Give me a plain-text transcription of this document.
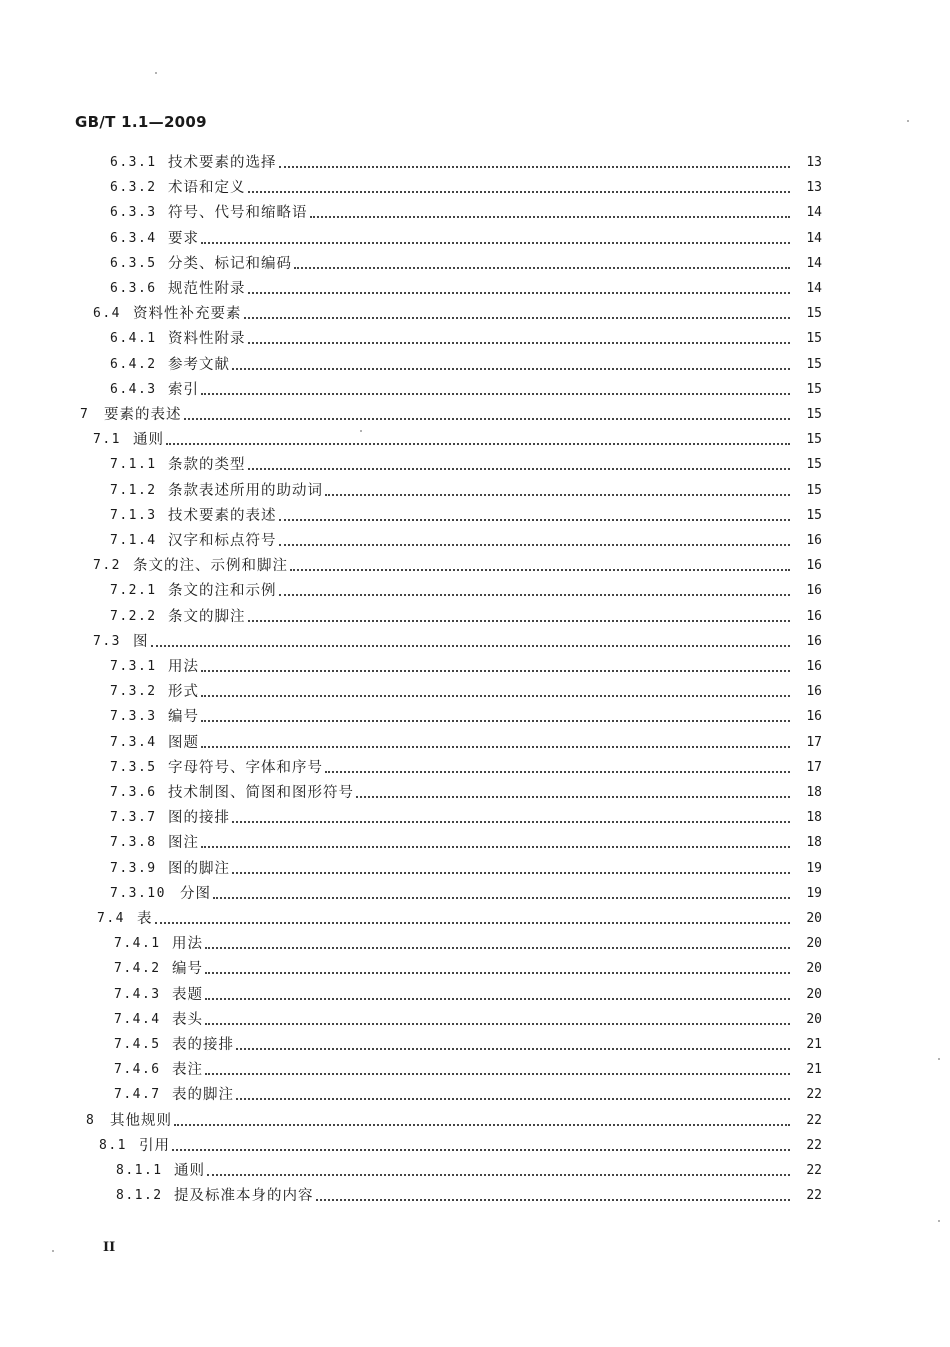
GB/T 1.1—2009
6.3.1 技术要素的选择	13
6.3.2 术语和定义	13
6.3.3 符号、代号和缩略语	14
6.3.4 要求	14
6.3.5 分类、标记和编码	14
6.3.6 规范性附录	14
6.4 资料性补充要素	15
6.4.1 资料性附录	15
6.4.2 参考文献	15
6.4.3 索引	15
7	要素的表述	15
7.1 通则	15
7.1.1 条款的类型	15
7.1.2 条款表述所用的助动词	15
7.1.3 技术要素的表述	15
7.1.4 汉字和标点符号	16
7.2 条文的注、示例和脚注	16
7.2.1 条文的注和示例	16
7.2.2 条文的脚注	16
7.3 图	16
7.3.1 用法	16
7.3.2 形式	16
7.3.3 编号	16
7.3.4 图题	17
7.3.5 字母符号、字体和序号	17
7.3.6 技术制图、简图和图形符号	18
7.3.7 图的接排	18
7.3.8 图注	18
7.3.9 图的脚注	19
7.3.10 分图	19
7.4 表	20
7.4.1 用法	20
7.4.2 编号	20
7.4.3 表题	20
7.4.4 表头	20
7.4.5 表的接排	21
7.4.6 表注	21
7.4.7 表的脚注	22
8	其他规则	22
8.1 引用	22
8.1.1 通则	22
8.1.2 提及标准本身的内容	22
II
